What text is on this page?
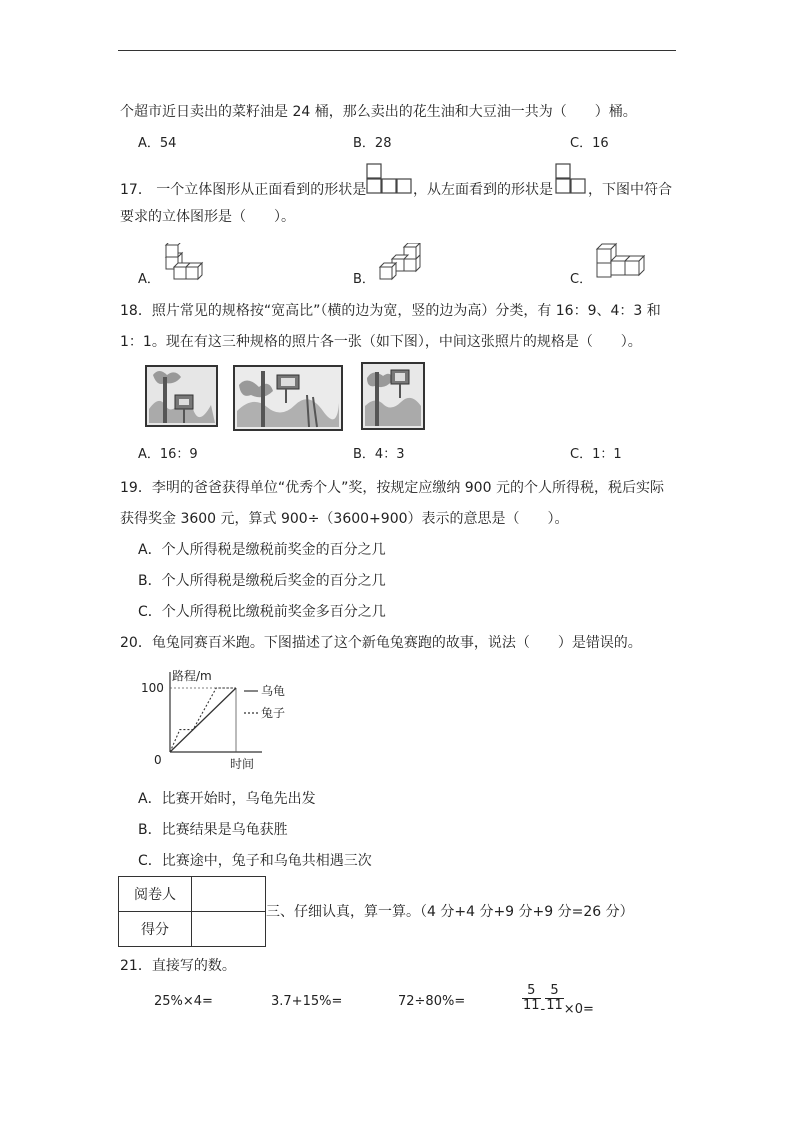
个超市近日卖出的菜籽油是 24 桶，那么卖出的花生油和大豆油一共为（　　）桶。
A．54	B．28	C．16
17． 一个立体图形从正面看到的形状是	，从左面看到的形状是	，下图中符合
要求的立体图形是（　　）。
A．	B．	C．
18．照片常见的规格按“宽高比”（横的边为宽，竖的边为高）分类，有 16：9、4：3 和
1：1。现在有这三种规格的照片各一张（如下图），中间这张照片的规格是（　　）。
A．16：9	B．4：3	C．1：1
19．李明的爸爸获得单位“优秀个人”奖，按规定应缴纳 900 元的个人所得税，税后实际
获得奖金 3600 元，算式 900÷（3600+900）表示的意思是（　　）。
A．个人所得税是缴税前奖金的百分之几
B．个人所得税是缴税后奖金的百分之几
C．个人所得税比缴税前奖金多百分之几
20．龟兔同赛百米跑。下图描述了这个新龟兔赛跑的故事，说法（　　）是错误的。
路程/m
100
0	时间
乌龟
兔子
A．比赛开始时，乌龟先出发
B．比赛结果是乌龟获胜
C．比赛途中，兔子和乌龟共相遇三次
阅卷人	
得分	
三、仔细认真，算一算。（4 分+4 分+9 分+9 分=26 分）
21．直接写的数。
25%×4=	3.7+15%=	72÷80%=	$\frac{5}{11} _- \frac{5}{11} _{\times 0=}$
